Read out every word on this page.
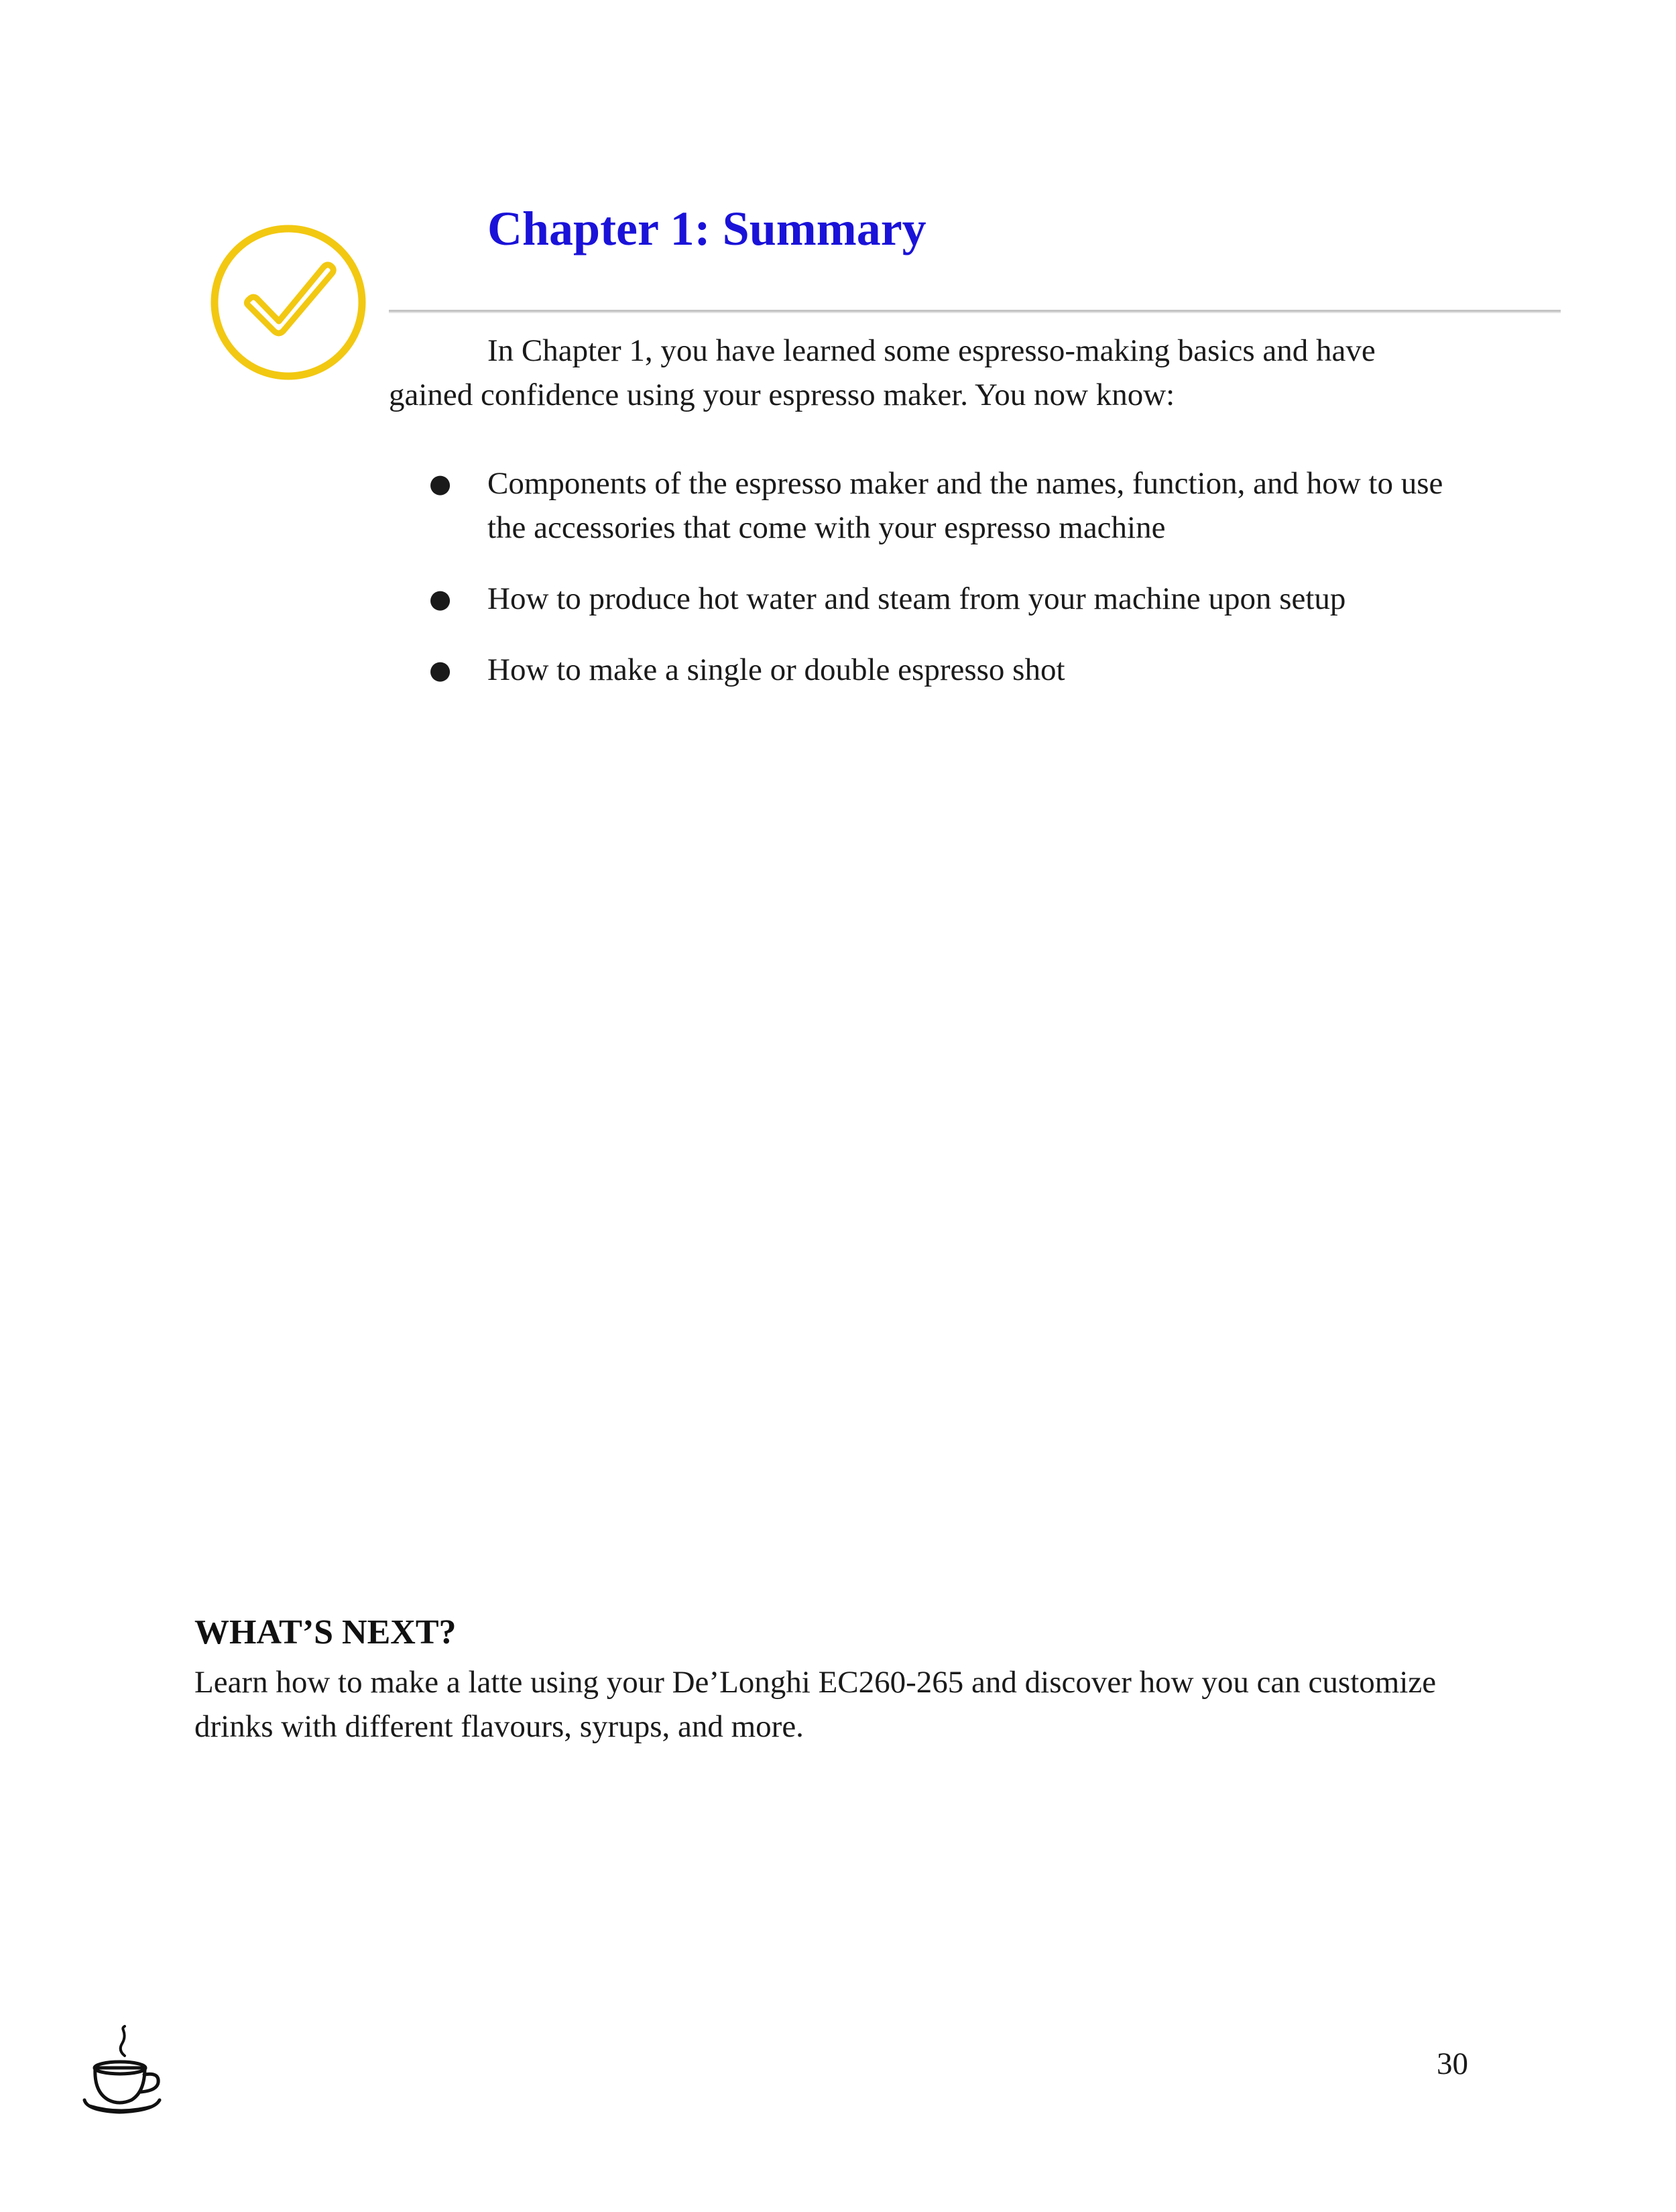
Chapter 1: Summary

In Chapter 1, you have learned some espresso-making basics and have gained confidence using your espresso maker. You now know:

● Components of the espresso maker and the names, function, and how to use the accessories that come with your espresso machine
● How to produce hot water and steam from your machine upon setup
● How to make a single or double espresso shot
WHAT’S NEXT?

Learn how to make a latte using your De’Longhi EC260-265 and discover how you can customize drinks with different flavours, syrups, and more.

30
